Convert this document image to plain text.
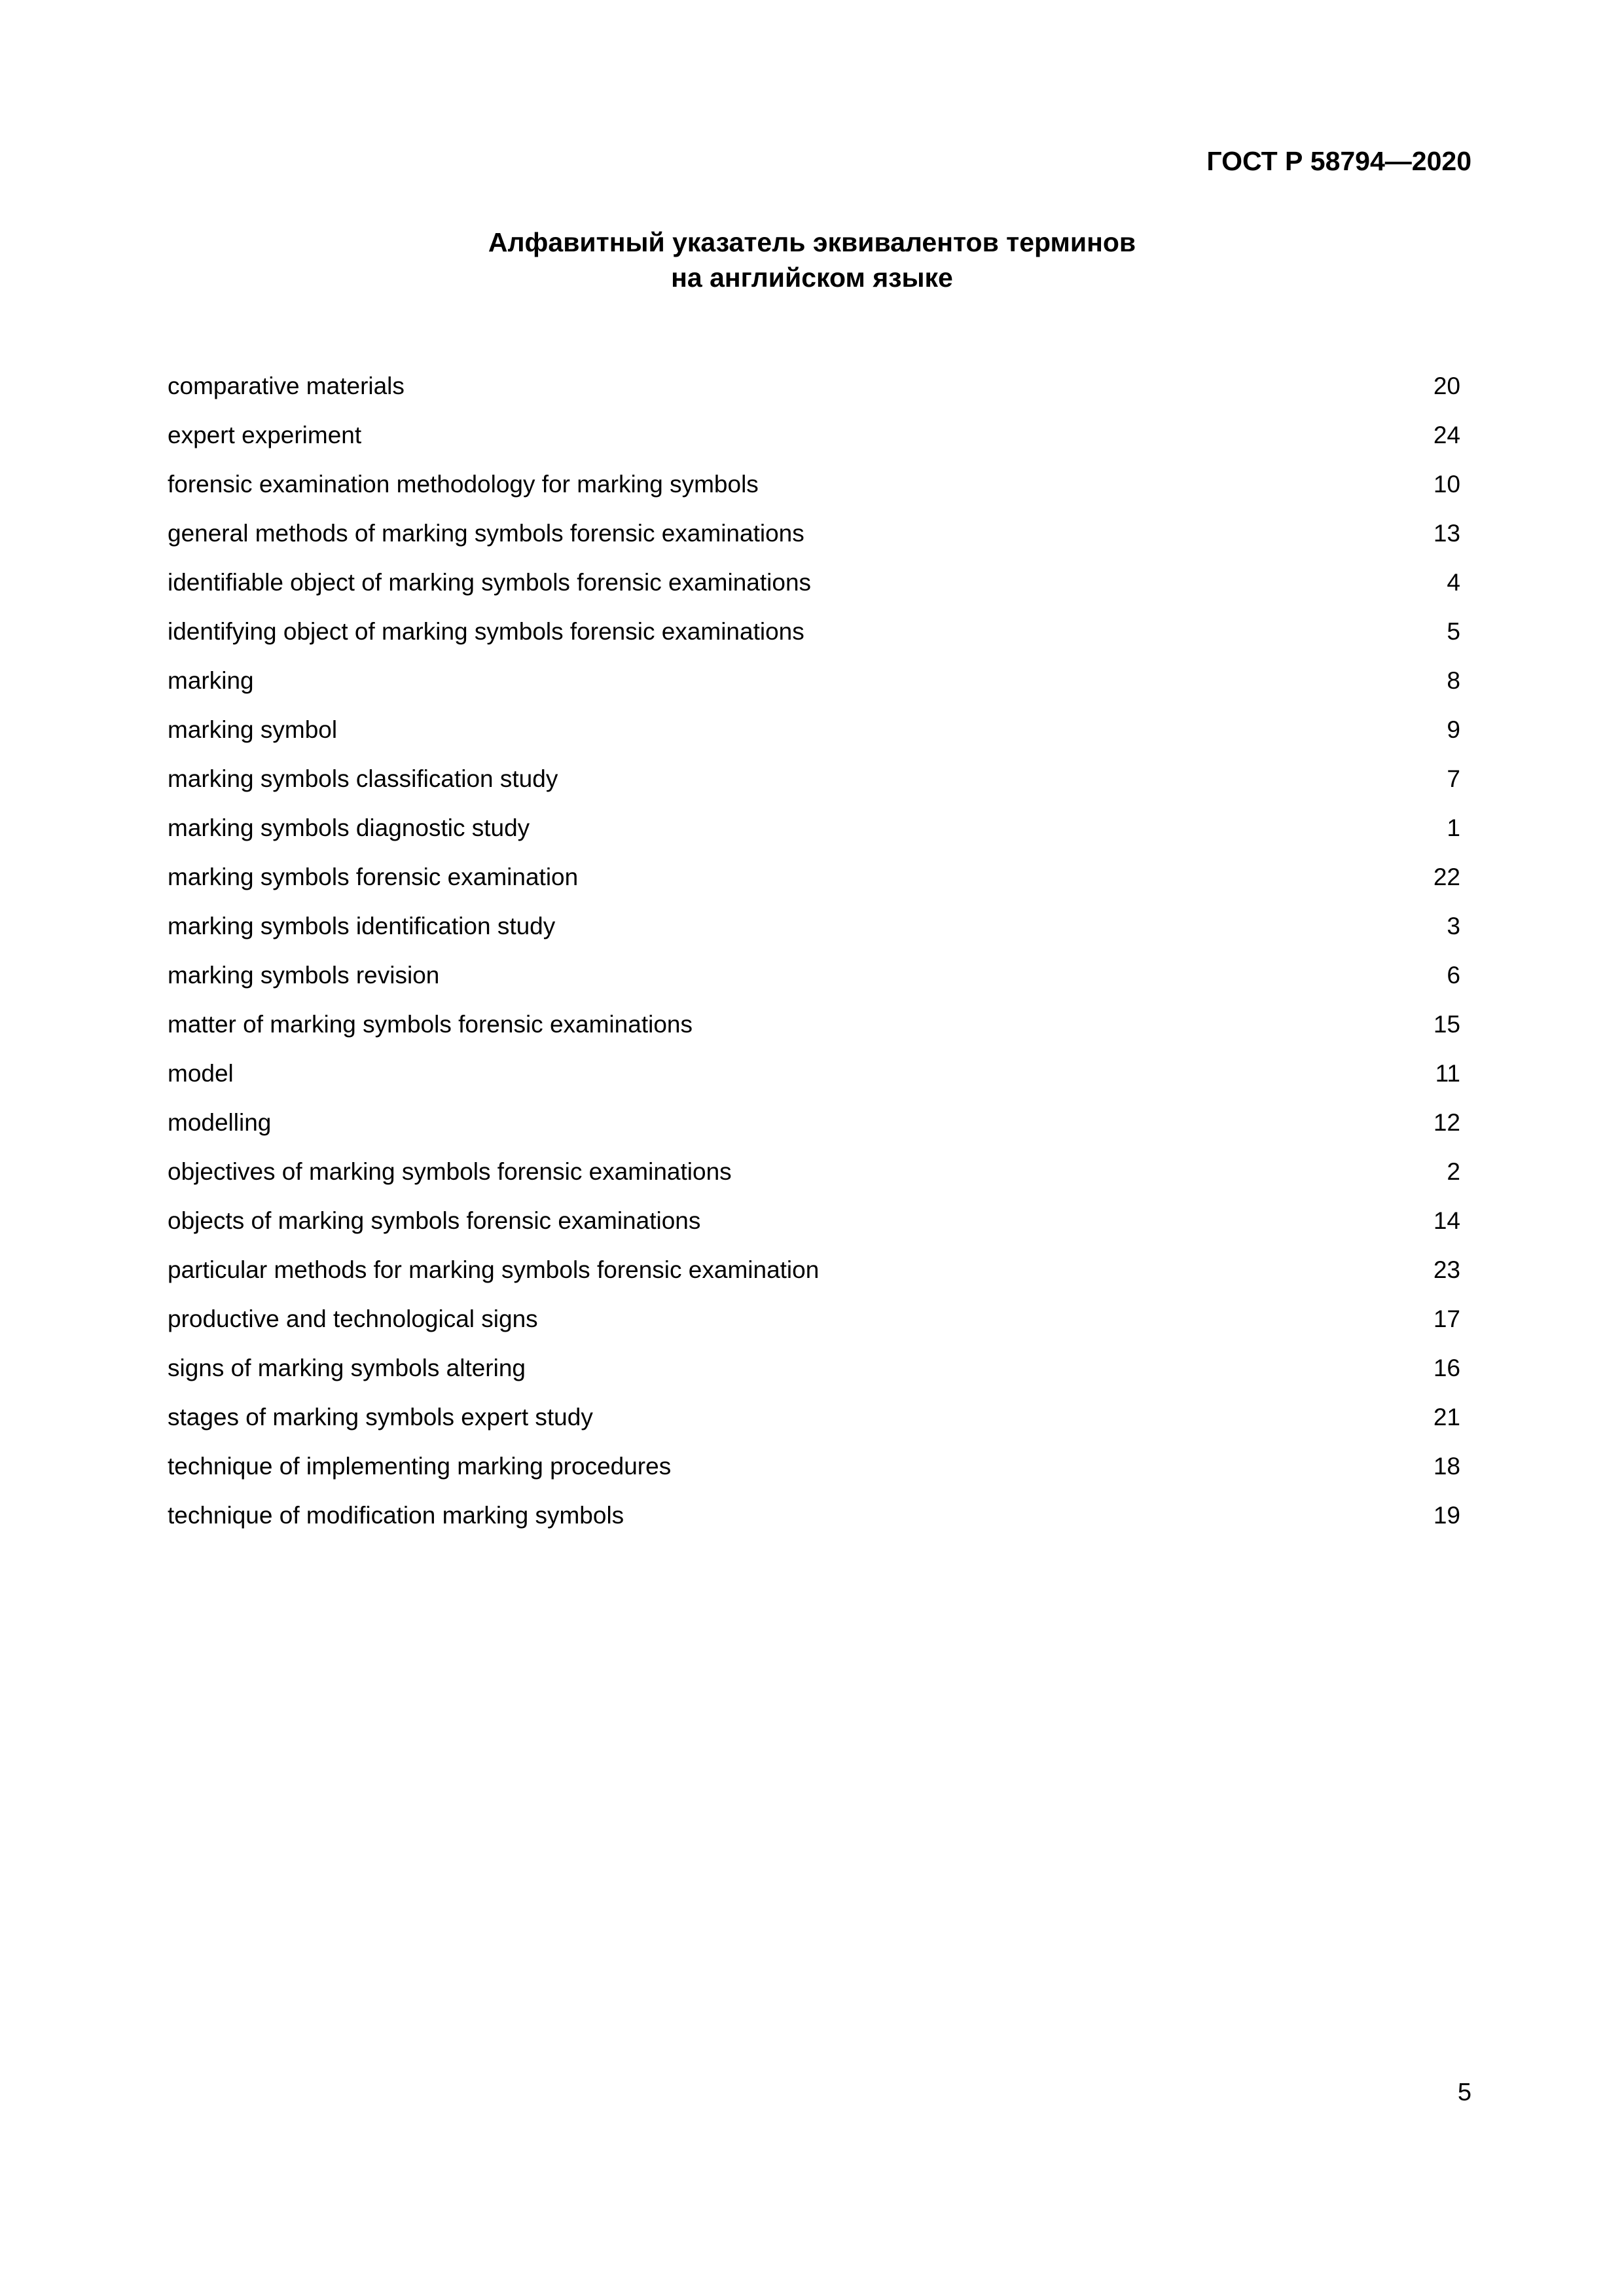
ГОСТ Р 58794—2020
Алфавитный указатель эквивалентов терминов
на английском языке
comparative materials	20
expert experiment	24
forensic examination methodology for marking symbols	10
general methods of marking symbols forensic examinations	13
identifiable object of marking symbols forensic examinations	4
identifying object of marking symbols forensic examinations	5
marking	8
marking symbol	9
marking symbols classification study	7
marking symbols diagnostic study	1
marking symbols forensic examination	22
marking symbols identification study	3
marking symbols revision	6
matter of marking symbols forensic examinations	15
model	11
modelling	12
objectives of marking symbols forensic examinations	2
objects of marking symbols forensic examinations	14
particular methods for marking symbols forensic examination	23
productive and technological signs	17
signs of marking symbols altering	16
stages of marking symbols expert study	21
technique of implementing marking procedures	18
technique of modification marking symbols	19
5
